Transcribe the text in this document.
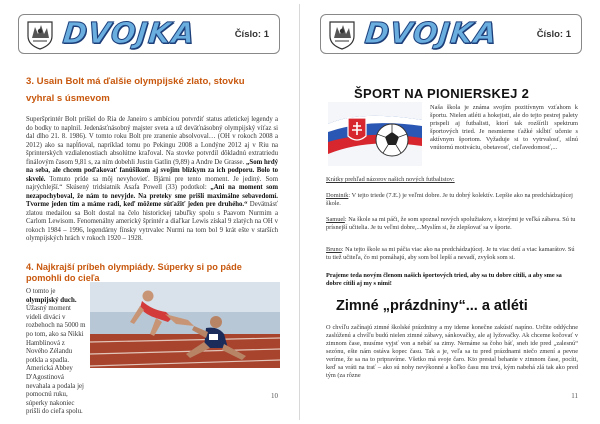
DVOJKA	Číslo: 1
3. Usain Bolt má ďalšie olympijské zlato, stovku
vyhral s úsmevom
Superšprintér Bolt prišiel do Ria de Janeiro s ambíciou potvrdiť status atletickej legendy a do bodky to naplnil. Jedenásťnásobný majster sveta a už deväťnásobný olympijský víťaz si dal dlho 21. 8. 1986). V tomto roku Bolt pre zranenie absolvoval… (OH v rokoch 2008 a 2012) ako sa napĺňoval, napríklad tomu po Pekingu 2008 a Londýne 2012 aj v Riu na šprinterských vzdialenostiach absolútne kraľoval. Na stovke potvrdil dôkladnú extratriedu finálovým časom 9,81 s, za ním dobehli Justin Gatlin (9,89) a Andre De Grasse. „Som hrdý na seba, ale chcem poďakovať fanúšikom aj svojim blízkym za ich podporu. Bolo to skvelé. Tomuto príde sa môj nevyhovieť. Bjárni pre tento moment. Je jediný. Som najrýchlejší.“ Skúsený tridsiatnik Asafa Powell (33) podotkol: „Ani na moment som nezapochyboval, že nám to nevyjde. Na preteky sme prišli maximálne sebavedomí. Tvorme jeden tím a máme radi, keď môžeme súťažiť jeden pre druhého.“ Devätnásť zlatou medailou sa Bolt dostal na čelo historickej tabuľky spolu s Paavom Nurmim a Carlom Lewisom. Fenomenálny americký šprintér a diaľkar Lewis získal 9 zlatých na OH v rokoch 1984 – 1996, legendárny fínsky vytrvalec Nurmi na tom bol 9 krát ešte v starších olympijských hrách v rokoch 1920 – 1928.
4. Najkrajší príbeh olympiády. Súperky si po páde
pomohli do cieľa
O tomto je olympijský duch. Úžasný moment videli diváci v rozbehoch na 5000 m po tom, ako sa Nikki Hamblinová z Nového Zélandu potkla a spadla. Americká Abbey D'Agostinová nevahala a podala jej pomocnú ruku, súperky nakoniec prišli do cieľa spolu.
10
DVOJKA	Číslo: 1
ŠPORT NA PIONIERSKEJ 2
Naša škola je známa svojím pozitívnym vzťahom k športu. Nielen atléti a hokejisti, ale do tejto pestrej palety prispeli aj futbalisti, ktorí tak rozšírili spektrum športových tried. Je nesmierne ťažké skĺbiť učenie s aktívnym športom. Vyžaduje si to vytrvalosť, silnú vnútornú motiváciu, obetavosť, cieľavedomosť,...
Krátky prehľad názorov našich nových futbalistov:
Dominik: V tejto triede (7.E.) je veľmi dobre. Je tu dobrý kolektív. Lepšie ako na predchádzajúcej škole.
Samuel: Na škole sa mi páči, že som spoznal nových spolužiakov, s ktorými je veľká zábava. Sú tu prísnejší učitelia. Je tu veľmi dobre,...Myslím si, že zlepšovať sa v športe.
Bruno: Na tejto škole sa mi páčia viac ako na predchádzajúcej. Je tu viac detí a viac kamarátov. Sú tu tiež učiteľa, čo mi pomáhajú, aby som bol lepší a nevadí, zvyšok som si.
Prajeme teda novým členom našich športových tried, aby sa tu dobre cítili, a aby sme sa dobre cítili aj my s nimi!
Zimné „prázdniny“... a atléti
O chvíľu začínajú zimné školské prázdniny a my ideme konečne zakúsiť napíno. Určite oddýchne zaslúženú a chvíľu budú nielen zimné zábavy, sánkovačky, ale aj lyžovačky. Ak chceme kočovať v zimnom čase, musíme vyjsť von a nebáť sa zimy. Nemáme sa čoho báť, sneh ide pred „zalesnú“ sezónu, ešte nám ostáva kopec času. Tak a je, veľa sa tu pred prázdnami niečo zmení a pevne veríme, že sa na to pripravíme. Všetko má svoje čaro. Kto prestal behanie v zimnom čase, pocíti, keď sa vráti na trať – ako sú nohy nevýkonné a koľko času mu trvá, kým nabehá zlá tak ako pred tým (za rôzne
11
